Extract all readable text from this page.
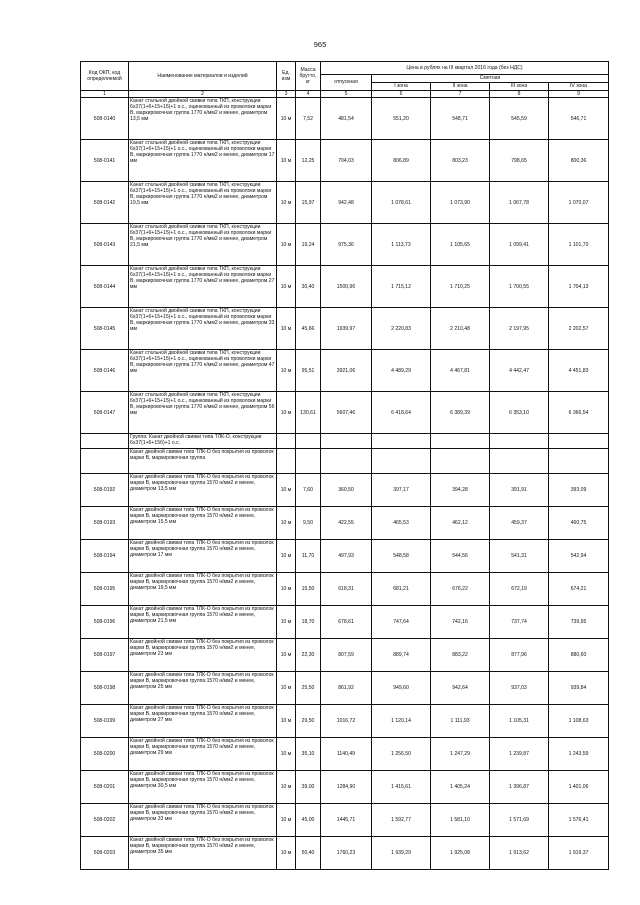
965
Код ОКП, код определяемой	Наименование материалов и изделий	Ед. изм	Масса брутто, кг	Цена в рублях на III квартал 2016 года (без НДС)				
				отпускная	Сметная			
					I зона	II зона	III зона	IV зона
1	2	3	4	5	6	7	8	9
508-0140	Канат стальной двойной свивки типа ТКП, конструкции 6х37(1+6+15+15)+1 о.с., оцинкованный из проволоки марки В, маркировочная группа 1770 н/мм2 и менее, диаметром 13,5 мм	10 м	7,52	481,54	551,20	548,71	545,59	546,71
508-0141	Канат стальной двойной свивки типа ТКП, конструкции 6х37(1+6+15+15)+1 о.с., оцинкованный из проволоки марки В, маркировочная группа 1770 н/мм2 и менее, диаметром 17 мм	10 м	12,25	704,03	806,89	803,23	798,65	800,36
508-0142	Канат стальной двойной свивки типа ТКП, конструкции 6х37(1+6+15+15)+1 о.с., оцинкованный из проволоки марки В, маркировочная группа 1770 н/мм2 и менее, диаметром 19,5 мм	10 м	15,97	942,48	1 078,61	1 073,90	1 067,78	1 070,07
508-0143	Канат стальной двойной свивки типа ТКП, конструкции 6х37(1+6+15+15)+1 о.с., оцинкованный из проволоки марки В, маркировочная группа 1770 н/мм2 и менее, диаметром 21,5 мм	10 м	19,24	975,36	1 113,73	1 105,65	1 099,41	1 101,70
508-0144	Канат стальной двойной свивки типа ТКП, конструкции 6х37(1+6+15+15)+1 о.с., оцинкованный из проволоки марки В, маркировочная группа 1770 н/мм2 и менее, диаметром 27 мм	10 м	30,40	1500,96	1 715,12	1 710,25	1 700,55	1 704,13
508-0145	Канат стальной двойной свивки типа ТКП, конструкции 6х37(1+6+15+15)+1 о.с., оцинкованный из проволоки марки В, маркировочная группа 1770 н/мм2 и менее, диаметром 33 мм	10 м	45,66	1939,97	2 220,83	2 210,48	2 197,95	2 202,57
508-0146	Канат стальной двойной свивки типа ТКП, конструкции 6х37(1+6+15+15)+1 о.с., оцинкованный из проволоки марки В, маркировочная группа 1770 н/мм2 и менее, диаметром 47 мм	10 м	95,51	3921,06	4 489,29	4 467,81	4 442,47	4 451,83
508-0147	Канат стальной двойной свивки типа ТКП, конструкции 6х37(1+6+15+15)+1 о.с., оцинкованный из проволоки марки В, маркировочная группа 1770 н/мм2 и менее, диаметром 56 мм	10 м	130,61	5607,46	6 418,64	6 389,39	6 353,10	6 366,54
	Группа: Канат двойной свивки типа ТЛК-О, конструкции 6х37(1+6+15б)+1 о.с.							
	Канат двойной свивки типа ТЛК-О без покрытия из проволок марки В, маркировочная группа							
508-0192	Канат двойной свивки типа ТЛК-О без покрытия из проволок марки В, маркировочная группа 1570 н/мм2 и менее, диаметром 13,5 мм	10 м	7,60	360,50	397,17	394,28	391,91	393,09
508-0193	Канат двойной свивки типа ТЛК-О без покрытия из проволок марки В, маркировочная группа 1570 н/мм2 и менее, диаметром 15,5 мм	10 м	9,50	422,55	465,53	462,12	459,37	460,75
508-0194	Канат двойной свивки типа ТЛК-О без покрытия из проволок марки В, маркировочная группа 1570 н/мм2 и менее, диаметром 17 мм	10 м	11,70	497,93	548,58	544,56	541,31	542,94
508-0195	Канат двойной свивки типа ТЛК-О без покрытия из проволок марки В, маркировочная группа 1570 н/мм2 и менее, диаметром 19,5 мм	10 м	15,50	618,31	681,21	676,22	672,19	674,21
508-0196	Канат двойной свивки типа ТЛК-О без покрытия из проволок марки В, маркировочная группа 1570 н/мм2 и менее, диаметром 21,5 мм	10 м	18,70	678,61	747,64	742,16	737,74	739,95
508-0197	Канат двойной свивки типа ТЛК-О без покрытия из проволок марки В, маркировочная группа 1570 н/мм2 и менее, диаметром 23 мм	10 м	22,30	807,59	889,74	883,22	877,96	880,60
508-0198	Канат двойной свивки типа ТЛК-О без покрытия из проволок марки В, маркировочная группа 1570 н/мм2 и менее, диаметром 25 мм	10 м	25,50	861,92	949,60	942,64	937,03	939,84
508-0199	Канат двойной свивки типа ТЛК-О без покрытия из проволок марки В, маркировочная группа 1570 н/мм2 и менее, диаметром 27 мм	10 м	29,50	1016,72	1 120,14	1 111,93	1 105,31	1 108,63
508-0200	Канат двойной свивки типа ТЛК-О без покрытия из проволок марки В, маркировочная группа 1570 н/мм2 и менее, диаметром 29 мм	10 м	35,10	1140,49	1 256,50	1 247,29	1 239,87	1 243,59
508-0201	Канат двойной свивки типа ТЛК-О без покрытия из проволок марки В, маркировочная группа 1570 н/мм2 и менее, диаметром 30,5 мм	10 м	39,00	1284,90	1 415,61	1 405,24	1 396,87	1 401,06
508-0202	Канат двойной свивки типа ТЛК-О без покрытия из проволок марки В, маркировочная группа 1570 н/мм2 и менее, диаметром 33 мм	10 м	45,00	1445,71	1 592,77	1 581,10	1 571,69	1 576,41
508-0203	Канат двойной свивки типа ТЛК-О без покрытия из проволок марки В, маркировочная группа 1570 н/мм2 и менее, диаметром 35 мм	10 м	50,40	1760,23	1 939,29	1 925,08	1 913,62	1 919,37
